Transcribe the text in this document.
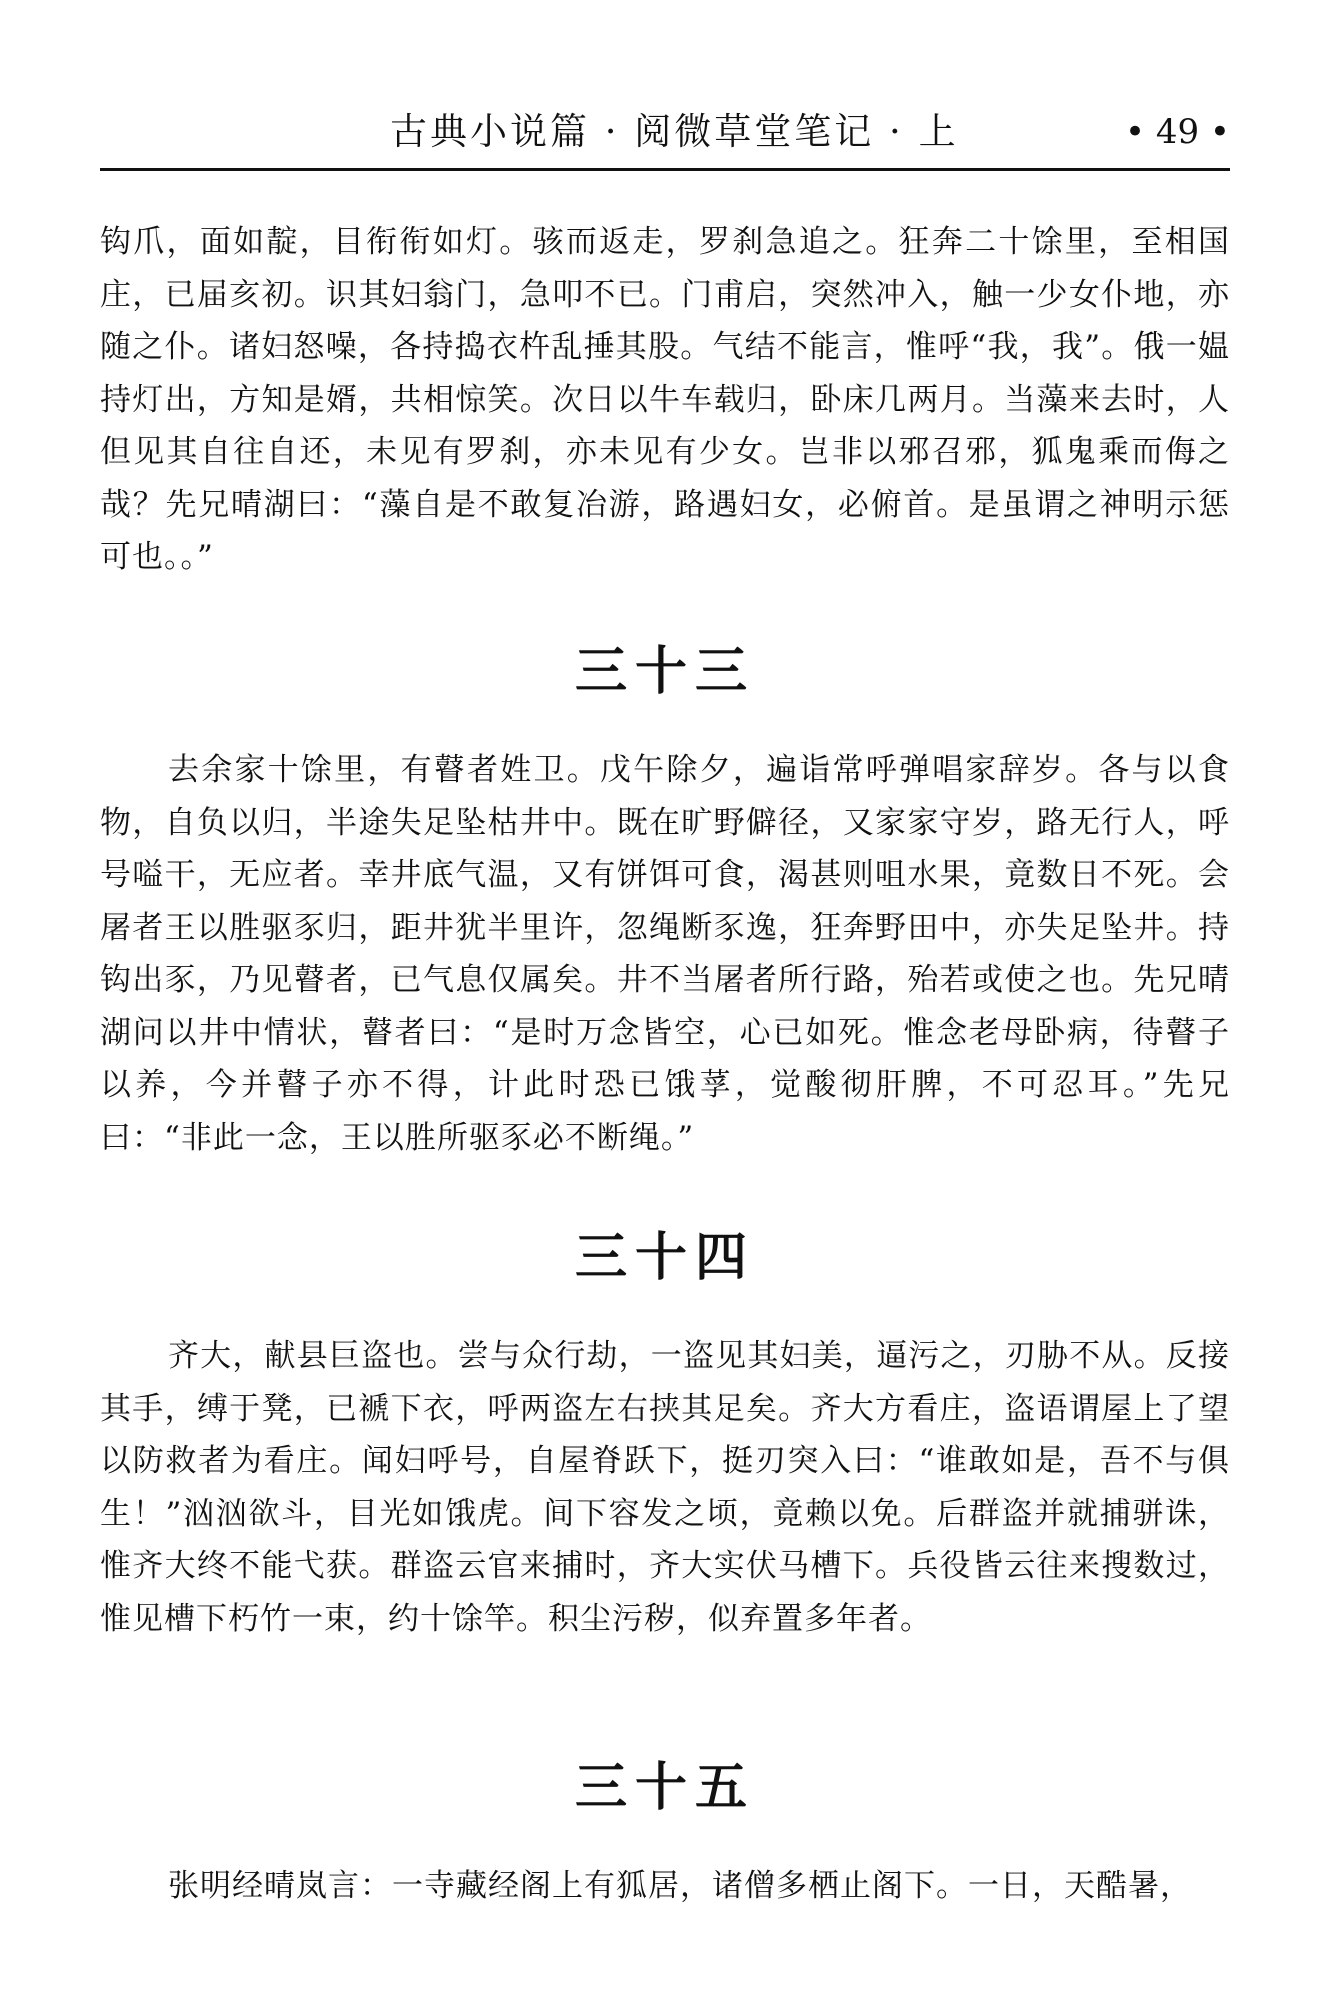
古典小说篇 · 阅微草堂笔记 · 上	• 49 •

钩爪，面如靛，目衔衔如灯。骇而返走，罗刹急追之。狂奔二十馀里，至相国庄，已届亥初。识其妇翁门，急叩不已。门甫启，突然冲入，触一少女仆地，亦随之仆。诸妇怒噪，各持捣衣杵乱捶其股。气结不能言，惟呼“我，我”。俄一媪持灯出，方知是婿，共相惊笑。次日以牛车载归，卧床几两月。当藻来去时，人但见其自往自还，未见有罗刹，亦未见有少女。岂非以邪召邪，狐鬼乘而侮之哉？先兄晴湖曰：“藻自是不敢复冶游，路遇妇女，必俯首。是虽谓之神明示惩可也。。”

三十三

去余家十馀里，有瞽者姓卫。戊午除夕，遍诣常呼弹唱家辞岁。各与以食物，自负以归，半途失足坠枯井中。既在旷野僻径，又家家守岁，路无行人，呼号嗌干，无应者。幸井底气温，又有饼饵可食，渴甚则咀水果，竟数日不死。会屠者王以胜驱豕归，距井犹半里许，忽绳断豕逸，狂奔野田中，亦失足坠井。持钩出豕，乃见瞽者，已气息仅属矣。井不当屠者所行路，殆若或使之也。先兄晴湖问以井中情状，瞽者曰：“是时万念皆空，心已如死。惟念老母卧病，待瞽子以养，今并瞽子亦不得，计此时恐已饿莩，觉酸彻肝脾，不可忍耳。”先兄曰：“非此一念，王以胜所驱豕必不断绳。”

三十四

齐大，献县巨盗也。尝与众行劫，一盗见其妇美，逼污之，刃胁不从。反接其手，缚于凳，已褫下衣，呼两盗左右挟其足矣。齐大方看庄，盗语谓屋上了望以防救者为看庄。闻妇呼号，自屋脊跃下，挺刃突入曰：“谁敢如是，吾不与俱生！”汹汹欲斗，目光如饿虎。间下容发之顷，竟赖以免。后群盗并就捕骈诛，惟齐大终不能弋获。群盗云官来捕时，齐大实伏马槽下。兵役皆云往来搜数过，惟见槽下朽竹一束，约十馀竿。积尘污秽，似弃置多年者。

三十五

张明经晴岚言：一寺藏经阁上有狐居，诸僧多栖止阁下。一日，天酷暑，
